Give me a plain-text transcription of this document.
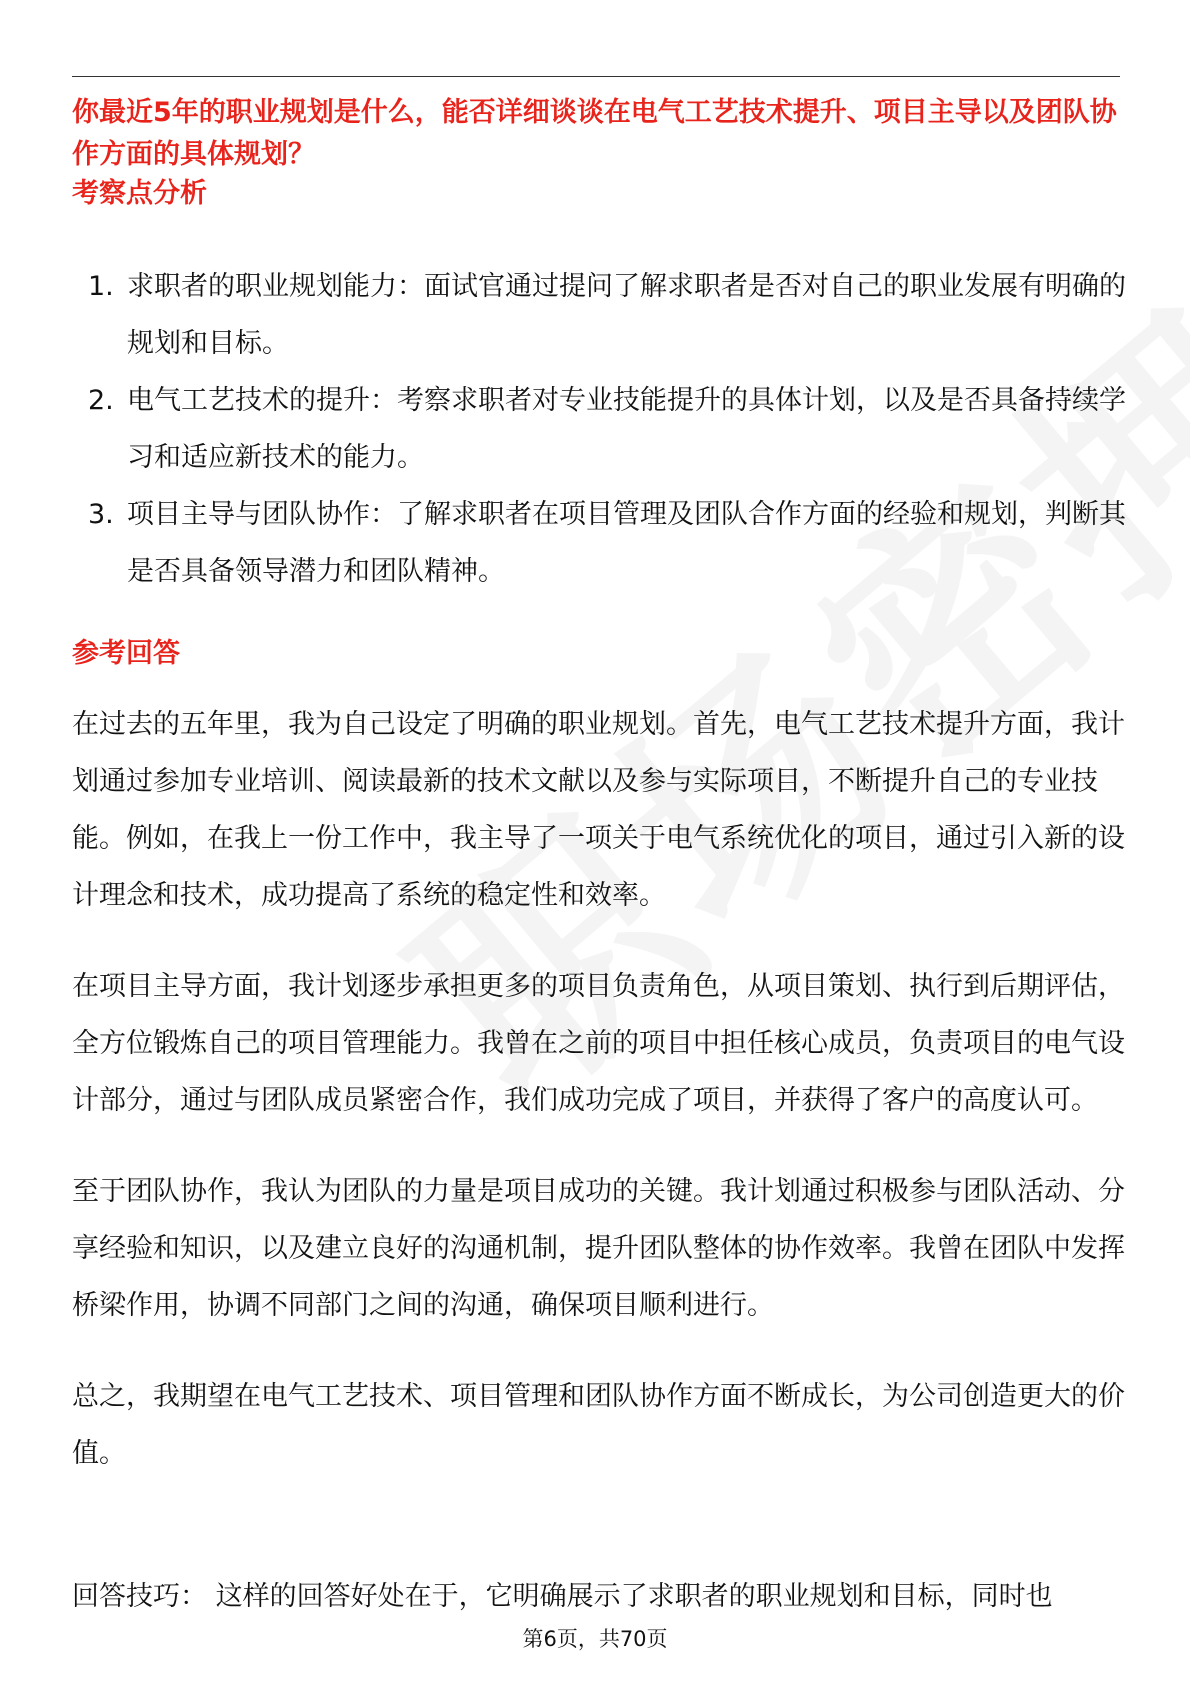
你最近5年的职业规划是什么，能否详细谈谈在电气工艺技术提升、项目主导以及团队协作方面的具体规划？
考察点分析
1. 求职者的职业规划能力：面试官通过提问了解求职者是否对自己的职业发展有明确的规划和目标。
2. 电气工艺技术的提升：考察求职者对专业技能提升的具体计划，以及是否具备持续学习和适应新技术的能力。
3. 项目主导与团队协作：了解求职者在项目管理及团队合作方面的经验和规划，判断其是否具备领导潜力和团队精神。
参考回答

在过去的五年里，我为自己设定了明确的职业规划。首先，电气工艺技术提升方面，我计划通过参加专业培训、阅读最新的技术文献以及参与实际项目，不断提升自己的专业技能。例如，在我上一份工作中，我主导了一项关于电气系统优化的项目，通过引入新的设计理念和技术，成功提高了系统的稳定性和效率。

在项目主导方面，我计划逐步承担更多的项目负责角色，从项目策划、执行到后期评估，全方位锻炼自己的项目管理能力。我曾在之前的项目中担任核心成员，负责项目的电气设计部分，通过与团队成员紧密合作，我们成功完成了项目，并获得了客户的高度认可。

至于团队协作，我认为团队的力量是项目成功的关键。我计划通过积极参与团队活动、分享经验和知识，以及建立良好的沟通机制，提升团队整体的协作效率。我曾在团队中发挥桥梁作用，协调不同部门之间的沟通，确保项目顺利进行。

总之，我期望在电气工艺技术、项目管理和团队协作方面不断成长，为公司创造更大的价值。

回答技巧： 这样的回答好处在于，它明确展示了求职者的职业规划和目标，同时也
第6页，共70页
